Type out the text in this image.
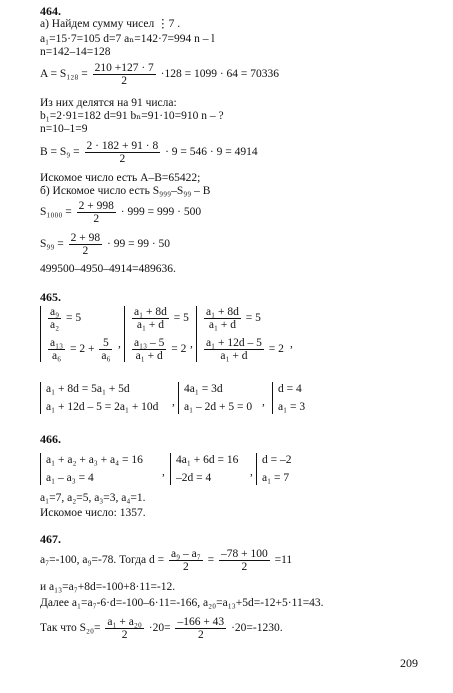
464.
а) Найдем сумму чисел ⋮7 .
a₁=15·7=105 d=7 aₙ=142·7=994 n – l
n=142–14=128
$A = S_{128} = \frac{210 +127 \cdot 7}{2} \cdot 128 = 1099 \cdot 64 = 70336$
Из них делятся на 91 числа:
b₁=2·91=182 d=91 bₙ=91·10=910 n – ?
n=10–1=9
$B = S_9 = \frac{2 \cdot 182 + 91 \cdot 8}{2} \cdot 9 = 546 \cdot 9 = 4914$
Искомое число есть A–B=65422;
б) Искомое число есть S₉₉₉–S₉₉ – B
$S_{1000} = \frac{2 + 998}{2} \cdot 999 = 999 \cdot 500$
$S_{99} = \frac{2 + 98}{2} \cdot 99 = 99 \cdot 50$
499500–4950–4914=489636.
465.
$\frac{\text{a₉}}{\text{a₂}} = 5$
$\frac{\text{a₁₃}}{\text{a₆}} = 2 + \frac{5}{\text{a₆}}$ ,
$\frac{\text{a₁ + 8d}}{\text{a₁ + d}} = 5$
$\frac{\text{a₁₃ – 5}}{\text{a₁ + d}} = 2$ ,
$\frac{\text{a₁ + 8d}}{\text{a₁ + d}} = 5$
$\frac{\text{a₁ + 12d – 5}}{\text{a₁ + d}} = 2$ ,
a₁ + 8d = 5a₁ + 5d
a₁ + 12d – 5 = 2a₁ + 10d ,
4a₁ = 3d
a₁ – 2d + 5 = 0 ,
d = 4
a₁ = 3
466.
a₁ + a₂ + a₃ + a₄ = 16
a₁ – a₃ = 4	,
4a₁ + 6d = 16
–2d = 4	,
d = –2
a₁ = 7
a₁=7, a₂=5, a₃=3, a₄=1.
Искомое число: 1357.
467.
a₇=-100, a₉=-78. Тогда $d = \frac{\text{a₉ – a₇}}{2} = \frac{-78 + 100}{2} =11$
и a₁₃=a₇+8d=-100+8·11=-12.
Далее a₁=a₇-6·d=-100–6·11=-166, a₂₀=a₁₃+5d=-12+5·11=43.
Так что $S_{20}= \frac{\text{a₁ + a₂₀}}{2} \cdot 20= \frac{-166 + 43}{2} \cdot 20=-1230$.
209
